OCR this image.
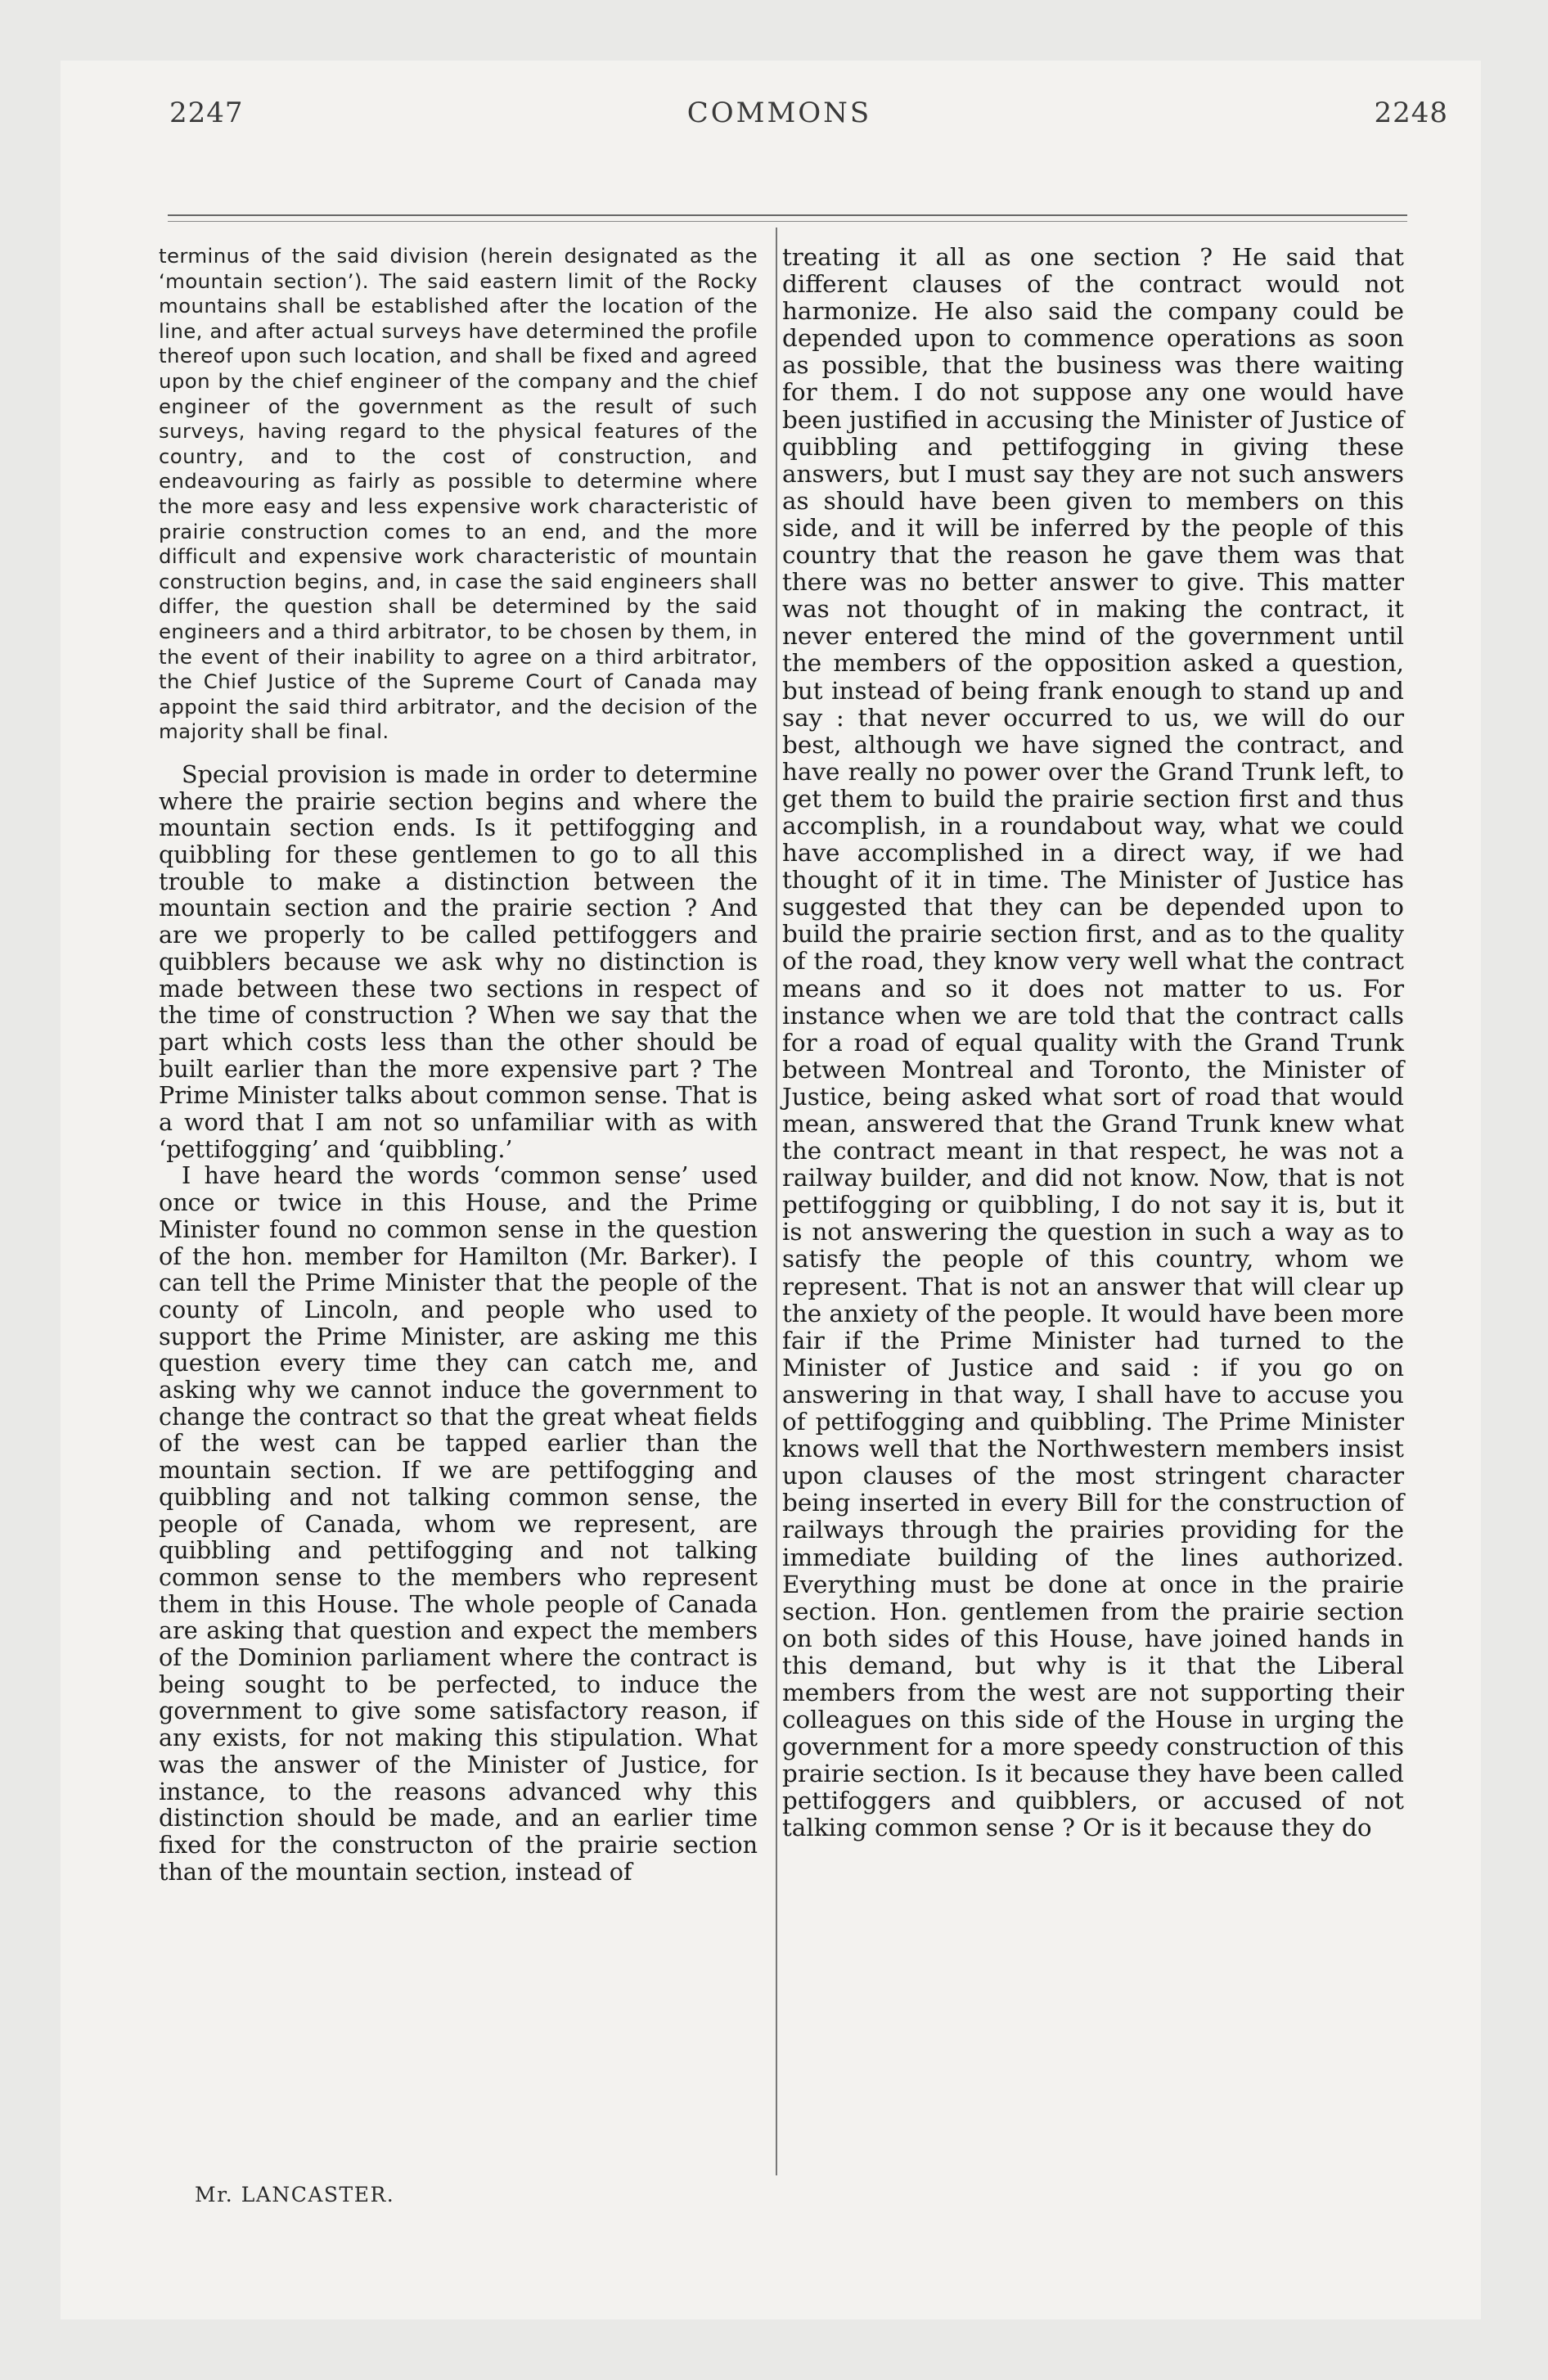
2247	COMMONS	2248

terminus of the said division (herein designated as the ‘mountain section’). The said eastern limit of the Rocky mountains shall be established after the location of the line, and after actual surveys have determined the profile thereof upon such location, and shall be fixed and agreed upon by the chief engineer of the company and the chief engineer of the government as the result of such surveys, having regard to the physical features of the country, and to the cost of construction, and endeavouring as fairly as possible to determine where the more easy and less expensive work characteristic of prairie construction comes to an end, and the more difficult and expensive work characteristic of mountain construction begins, and, in case the said engineers shall differ, the question shall be determined by the said engineers and a third arbitrator, to be chosen by them, in the event of their inability to agree on a third arbitrator, the Chief Justice of the Supreme Court of Canada may appoint the said third arbitrator, and the decision of the majority shall be final.

Special provision is made in order to determine where the prairie section begins and where the mountain section ends. Is it pettifogging and quibbling for these gentlemen to go to all this trouble to make a distinction between the mountain section and the prairie section ? And are we properly to be called pettifoggers and quibblers because we ask why no distinction is made between these two sections in respect of the time of construction ? When we say that the part which costs less than the other should be built earlier than the more expensive part ? The Prime Minister talks about common sense. That is a word that I am not so unfamiliar with as with ‘pettifogging’ and ‘quibbling.’

I have heard the words ‘common sense’ used once or twice in this House, and the Prime Minister found no common sense in the question of the hon. member for Hamilton (Mr. Barker). I can tell the Prime Minister that the people of the county of Lincoln, and people who used to support the Prime Minister, are asking me this question every time they can catch me, and asking why we cannot induce the government to change the contract so that the great wheat fields of the west can be tapped earlier than the mountain section. If we are pettifogging and quibbling and not talking common sense, the people of Canada, whom we represent, are quibbling and pettifogging and not talking common sense to the members who represent them in this House. The whole people of Canada are asking that question and expect the members of the Dominion parliament where the contract is being sought to be perfected, to induce the government to give some satisfactory reason, if any exists, for not making this stipulation. What was the answer of the Minister of Justice, for instance, to the reasons advanced why this distinction should be made, and an earlier time fixed for the constructon of the prairie section than of the mountain section, instead of

treating it all as one section ? He said that different clauses of the contract would not harmonize. He also said the company could be depended upon to commence operations as soon as possible, that the business was there waiting for them. I do not suppose any one would have been justified in accusing the Minister of Justice of quibbling and pettifogging in giving these answers, but I must say they are not such answers as should have been given to members on this side, and it will be inferred by the people of this country that the reason he gave them was that there was no better answer to give. This matter was not thought of in making the contract, it never entered the mind of the government until the members of the opposition asked a question, but instead of being frank enough to stand up and say : that never occurred to us, we will do our best, although we have signed the contract, and have really no power over the Grand Trunk left, to get them to build the prairie section first and thus accomplish, in a roundabout way, what we could have accomplished in a direct way, if we had thought of it in time. The Minister of Justice has suggested that they can be depended upon to build the prairie section first, and as to the quality of the road, they know very well what the contract means and so it does not matter to us. For instance when we are told that the contract calls for a road of equal quality with the Grand Trunk between Montreal and Toronto, the Minister of Justice, being asked what sort of road that would mean, answered that the Grand Trunk knew what the contract meant in that respect, he was not a railway builder, and did not know. Now, that is not pettifogging or quibbling, I do not say it is, but it is not answering the question in such a way as to satisfy the people of this country, whom we represent. That is not an answer that will clear up the anxiety of the people. It would have been more fair if the Prime Minister had turned to the Minister of Justice and said : if you go on answering in that way, I shall have to accuse you of pettifogging and quibbling. The Prime Minister knows well that the Northwestern members insist upon clauses of the most stringent character being inserted in every Bill for the construction of railways through the prairies providing for the immediate building of the lines authorized. Everything must be done at once in the prairie section. Hon. gentlemen from the prairie section on both sides of this House, have joined hands in this demand, but why is it that the Liberal members from the west are not supporting their colleagues on this side of the House in urging the government for a more speedy construction of this prairie section. Is it because they have been called pettifoggers and quibblers, or accused of not talking common sense ? Or is it because they do

Mr. LANCASTER.
